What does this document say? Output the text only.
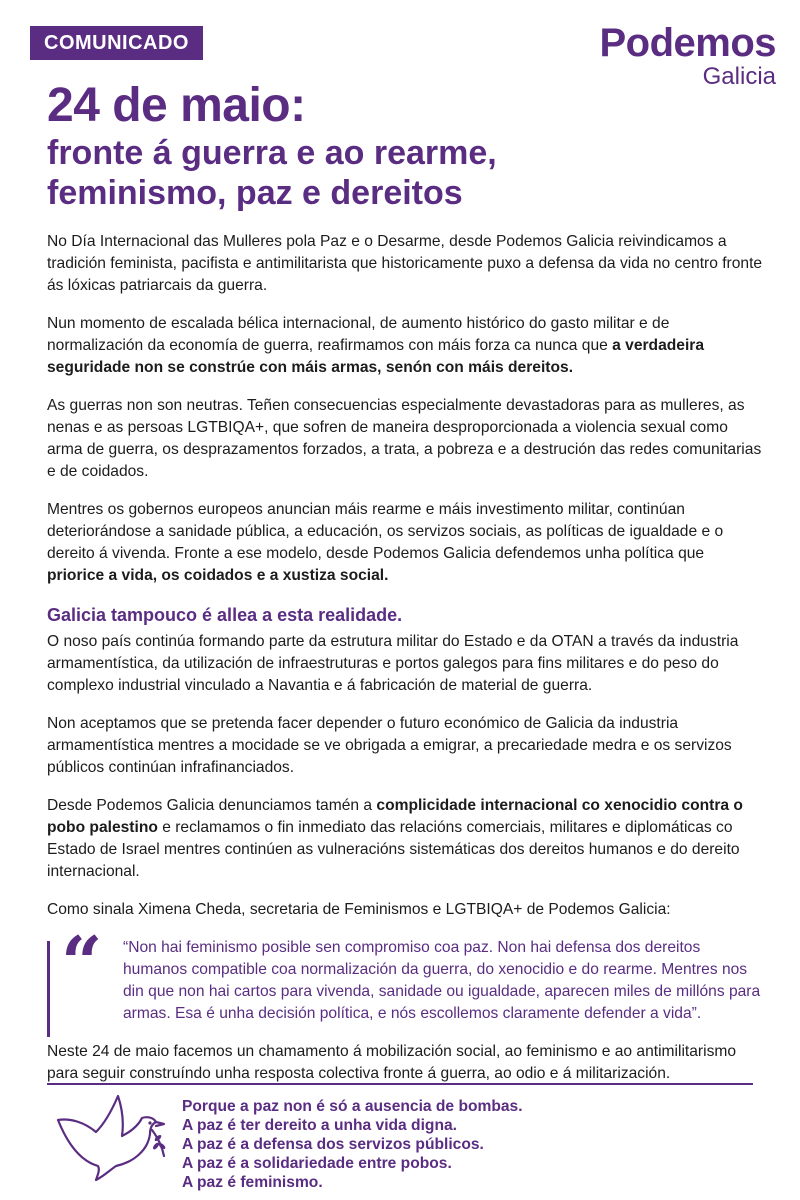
COMUNICADO	Podemos
Galicia
24 de maio:
fronte á guerra e ao rearme,
feminismo, paz e dereitos

No Día Internacional das Mulleres pola Paz e o Desarme, desde Podemos Galicia reivindicamos a tradición feminista, pacifista e antimilitarista que historicamente puxo a defensa da vida no centro fronte ás lóxicas patriarcais da guerra.

Nun momento de escalada bélica internacional, de aumento histórico do gasto militar e de normalización da economía de guerra, reafirmamos con máis forza ca nunca que a verdadeira seguridade non se constrúe con máis armas, senón con máis dereitos.

As guerras non son neutras. Teñen consecuencias especialmente devastadoras para as mulleres, as nenas e as persoas LGTBIQA+, que sofren de maneira desproporcionada a violencia sexual como arma de guerra, os desprazamentos forzados, a trata, a pobreza e a destrución das redes comunitarias e de coidados.

Mentres os gobernos europeos anuncian máis rearme e máis investimento militar, continúan deteriorándose a sanidade pública, a educación, os servizos sociais, as políticas de igualdade e o dereito á vivenda. Fronte a ese modelo, desde Podemos Galicia defendemos unha política que priorice a vida, os coidados e a xustiza social.

Galicia tampouco é allea a esta realidade.

O noso país continúa formando parte da estrutura militar do Estado e da OTAN a través da industria armamentística, da utilización de infraestruturas e portos galegos para fins militares e do peso do complexo industrial vinculado a Navantia e á fabricación de material de guerra.

Non aceptamos que se pretenda facer depender o futuro económico de Galicia da industria armamentística mentres a mocidade se ve obrigada a emigrar, a precariedade medra e os servizos públicos continúan infrafinanciados.

Desde Podemos Galicia denunciamos tamén a complicidade internacional co xenocidio contra o pobo palestino e reclamamos o fin inmediato das relacións comerciais, militares e diplomáticas co Estado de Israel mentres continúen as vulneracións sistemáticas dos dereitos humanos e do dereito internacional.

Como sinala Ximena Cheda, secretaria de Feminismos e LGTBIQA+ de Podemos Galicia:

“ “Non hai feminismo posible sen compromiso coa paz. Non hai defensa dos dereitos humanos compatible coa normalización da guerra, do xenocidio e do rearme. Mentres nos din que non hai cartos para vivenda, sanidade ou igualdade, aparecen miles de millóns para armas. Esa é unha decisión política, e nós escollemos claramente defender a vida”.

Neste 24 de maio facemos un chamamento á mobilización social, ao feminismo e ao antimilitarismo para seguir construíndo unha resposta colectiva fronte á guerra, ao odio e á militarización.

Porque a paz non é só a ausencia de bombas.
A paz é ter dereito a unha vida digna.
A paz é a defensa dos servizos públicos.
A paz é a solidariedade entre pobos.
A paz é feminismo.
